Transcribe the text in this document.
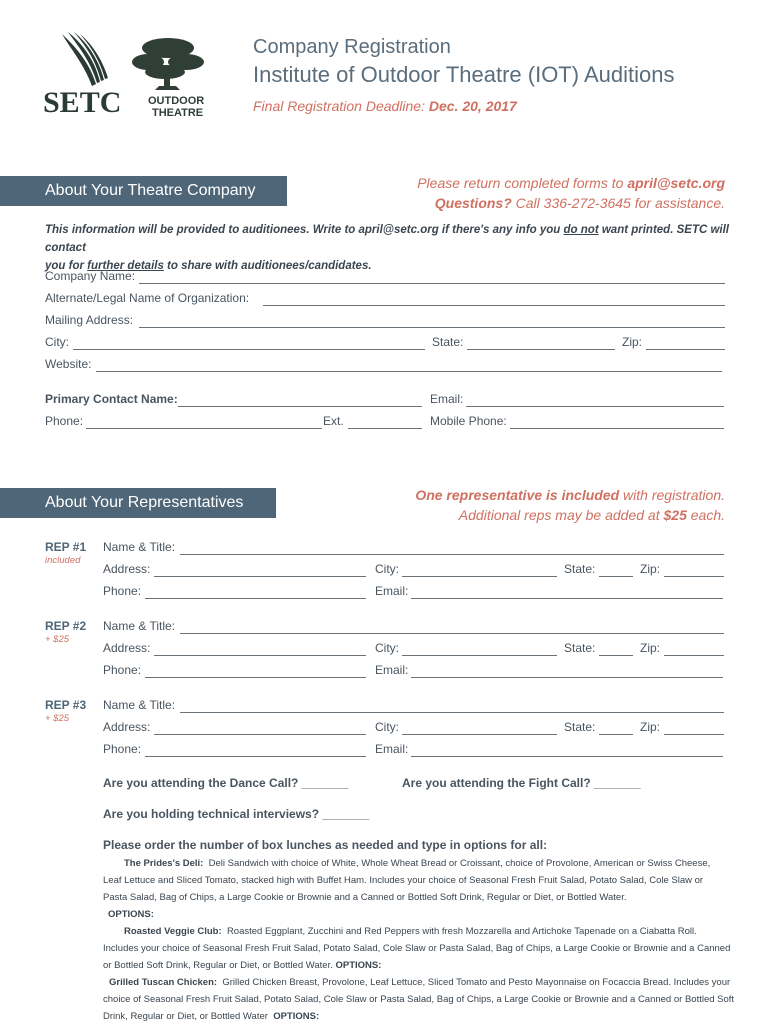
SETC OUTDOOR
THEATRE
Company Registration
Institute of Outdoor Theatre (IOT) Auditions
Final Registration Deadline: Dec. 20, 2017
About Your Theatre Company	Please return completed forms to april@setc.org
Questions? Call 336-272-3645 for assistance.
This information will be provided to auditionees. Write to april@setc.org if there's any info you do not want printed. SETC will contact
you for further details to share with auditionees/candidates.
Company Name:
Alternate/Legal Name of Organization:
Mailing Address:
City:	State:	Zip:
Website:
Primary Contact Name:	Email:
Phone:	Ext.	Mobile Phone:
About Your Representatives	One representative is included with registration.
Additional reps may be added at $25 each.
REP #1
included
Name & Title:
Address:	City:	State:	Zip:
Phone:	Email:
REP #2
+ $25
Name & Title:
Address:	City:	State:	Zip:
Phone:	Email:
REP #3
+ $25
Name & Title:
Address:	City:	State:	Zip:
Phone:	Email:
Are you attending the Dance Call? _______	Are you attending the Fight Call? _______
Are you holding technical interviews? _______
Please order the number of box lunches as needed and type in options for all:
The Prides's Deli: Deli Sandwich with choice of White, Whole Wheat Bread or Croissant, choice of Provolone, American or Swiss Cheese,
Leaf Lettuce and Sliced Tomato, stacked high with Buffet Ham. Includes your choice of Seasonal Fresh Fruit Salad, Potato Salad, Cole Slaw or
Pasta Salad, Bag of Chips, a Large Cookie or Brownie and a Canned or Bottled Soft Drink, Regular or Diet, or Bottled Water.

OPTIONS:
Roasted Veggie Club: Roasted Eggplant, Zucchini and Red Peppers with fresh Mozzarella and Artichoke Tapenade on a Ciabatta Roll.
Includes your choice of Seasonal Fresh Fruit Salad, Potato Salad, Cole Slaw or Pasta Salad, Bag of Chips, a Large Cookie or Brownie and a Canned
or Bottled Soft Drink, Regular or Diet, or Bottled Water. OPTIONS:
Grilled Tuscan Chicken: Grilled Chicken Breast, Provolone, Leaf Lettuce, Sliced Tomato and Pesto Mayonnaise on Focaccia Bread. Includes your
choice of Seasonal Fresh Fruit Salad, Potato Salad, Cole Slaw or Pasta Salad, Bag of Chips, a Large Cookie or Brownie and a Canned or Bottled Soft
Drink, Regular or Diet, or Bottled Water OPTIONS:
